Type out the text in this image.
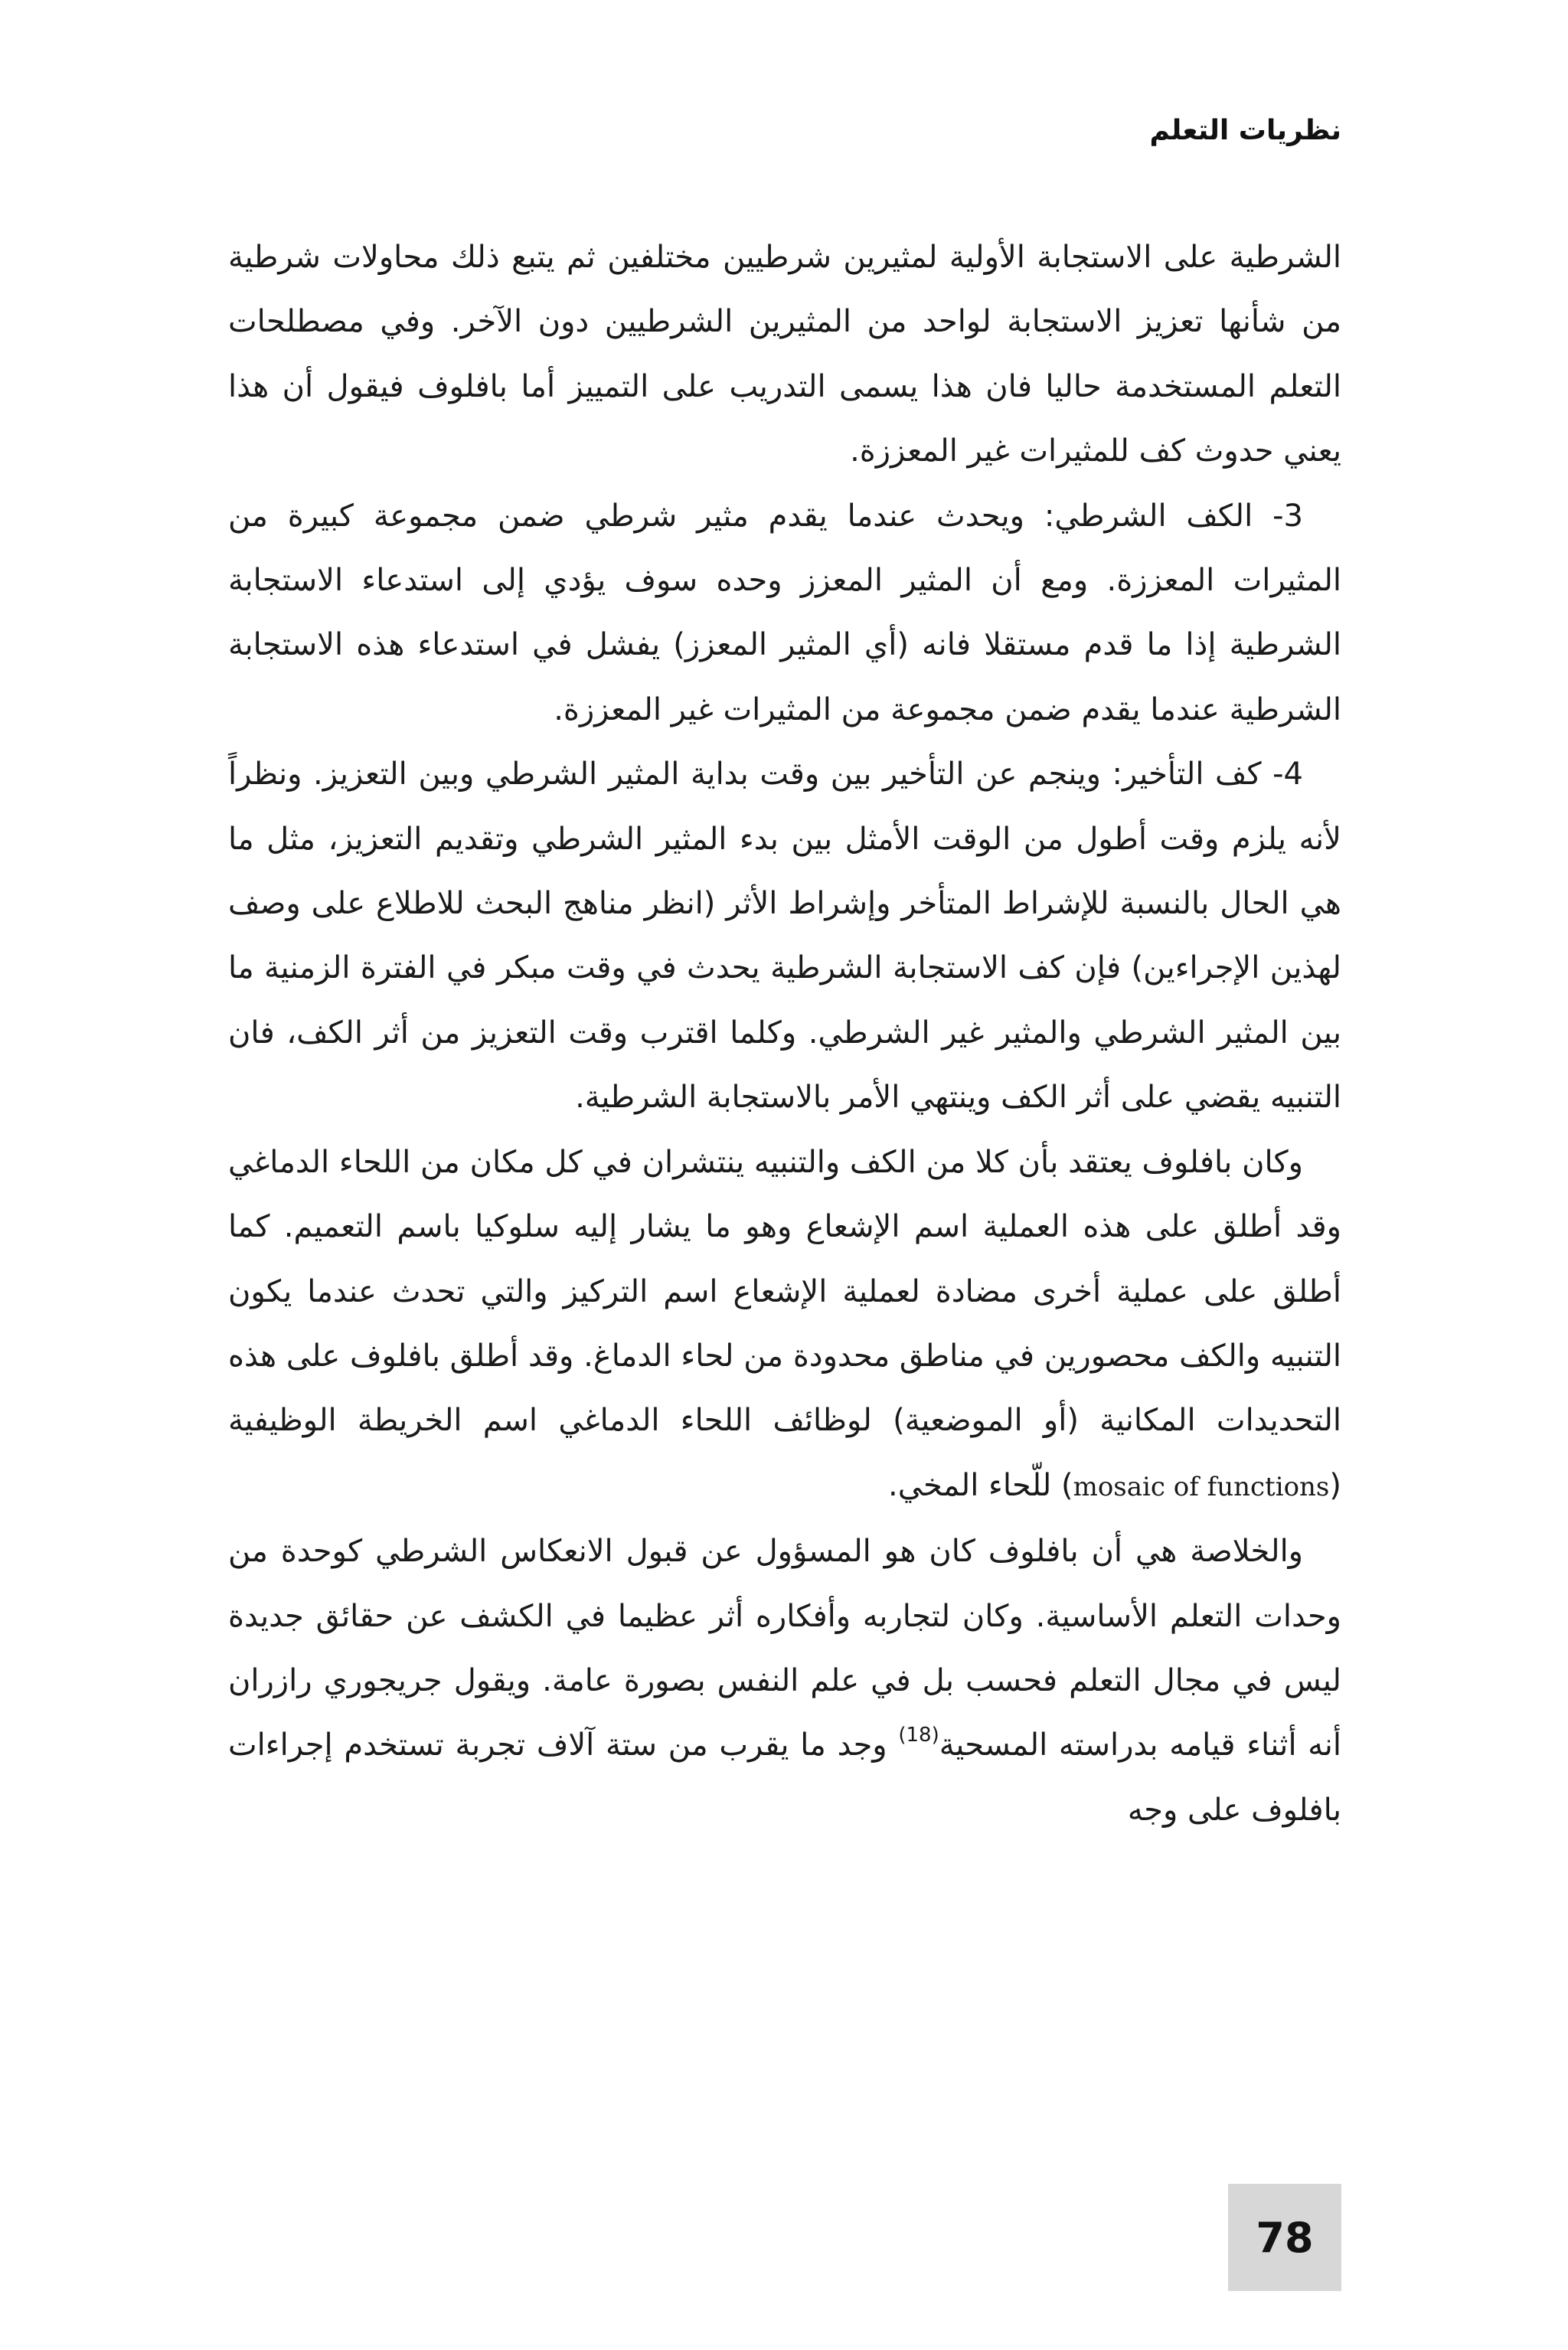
نظريات التعلم

الشرطية على الاستجابة الأولية لمثيرين شرطيين مختلفين ثم يتبع ذلك محاولات شرطية من شأنها تعزيز الاستجابة لواحد من المثيرين الشرطيين دون الآخر. وفي مصطلحات التعلم المستخدمة حاليا فان هذا يسمى التدريب على التمييز أما بافلوف فيقول أن هذا يعني حدوث كف للمثيرات غير المعززة.

3- الكف الشرطي: ويحدث عندما يقدم مثير شرطي ضمن مجموعة كبيرة من المثيرات المعززة. ومع أن المثير المعزز وحده سوف يؤدي إلى استدعاء الاستجابة الشرطية إذا ما قدم مستقلا فانه (أي المثير المعزز) يفشل في استدعاء هذه الاستجابة الشرطية عندما يقدم ضمن مجموعة من المثيرات غير المعززة.

4- كف التأخير: وينجم عن التأخير بين وقت بداية المثير الشرطي وبين التعزيز. ونظراً لأنه يلزم وقت أطول من الوقت الأمثل بين بدء المثير الشرطي وتقديم التعزيز، مثل ما هي الحال بالنسبة للإشراط المتأخر وإشراط الأثر (انظر مناهج البحث للاطلاع على وصف لهذين الإجراءين) فإن كف الاستجابة الشرطية يحدث في وقت مبكر في الفترة الزمنية ما بين المثير الشرطي والمثير غير الشرطي. وكلما اقترب وقت التعزيز من أثر الكف، فان التنبيه يقضي على أثر الكف وينتهي الأمر بالاستجابة الشرطية.

وكان بافلوف يعتقد بأن كلا من الكف والتنبيه ينتشران في كل مكان من اللحاء الدماغي وقد أطلق على هذه العملية اسم الإشعاع وهو ما يشار إليه سلوكيا باسم التعميم. كما أطلق على عملية أخرى مضادة لعملية الإشعاع اسم التركيز والتي تحدث عندما يكون التنبيه والكف محصورين في مناطق محدودة من لحاء الدماغ. وقد أطلق بافلوف على هذه التحديدات المكانية (أو الموضعية) لوظائف اللحاء الدماغي اسم الخريطة الوظيفية (mosaic of functions) للّحاء المخي.

والخلاصة هي أن بافلوف كان هو المسؤول عن قبول الانعكاس الشرطي كوحدة من وحدات التعلم الأساسية. وكان لتجاربه وأفكاره أثر عظيما في الكشف عن حقائق جديدة ليس في مجال التعلم فحسب بل في علم النفس بصورة عامة. ويقول جريجوري رازران أنه أثناء قيامه بدراسته المسحية$^{(18)}$ وجد ما يقرب من ستة آلاف تجربة تستخدم إجراءات بافلوف على وجه

78
